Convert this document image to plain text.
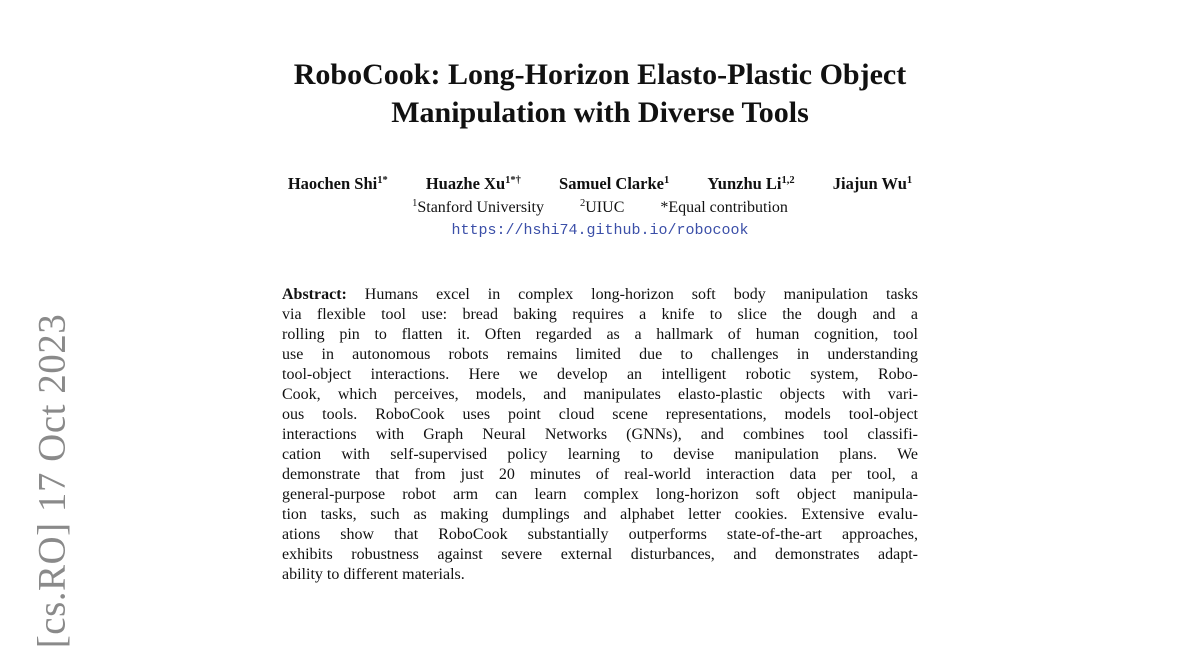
[cs.RO] 17 Oct 2023
RoboCook: Long-Horizon Elasto-Plastic Object
Manipulation with Diverse Tools
Haochen Shi$^{1*}$ Huazhe $Xu^{1*\dagger}$ Samuel Clarke$^1$ Yunzhu Li$^{1,2}$ Jiajun Wu$^1$
$^1$Stanford University	$^2$UIUC *Equal contribution
https://hshi74.github.io/robocook
Abstract: Humans excel in complex long-horizon soft body manipulation tasks
via flexible tool use: bread baking requires a knife to slice the dough and a
rolling pin to flatten it. Often regarded as a hallmark of human cognition, tool
use in autonomous robots remains limited due to challenges in understanding
tool-object interactions. Here we develop an intelligent robotic system, Robo-
Cook, which perceives, models, and manipulates elasto-plastic objects with vari-
ous tools. RoboCook uses point cloud scene representations, models tool-object
interactions with Graph Neural Networks (GNNs), and combines tool classifi-
cation with self-supervised policy learning to devise manipulation plans. We
demonstrate that from just 20 minutes of real-world interaction data per tool, a
general-purpose robot arm can learn complex long-horizon soft object manipula-
tion tasks, such as making dumplings and alphabet letter cookies. Extensive evalu-
ations show that RoboCook substantially outperforms state-of-the-art approaches,
exhibits robustness against severe external disturbances, and demonstrates adapt-
ability to different materials.
